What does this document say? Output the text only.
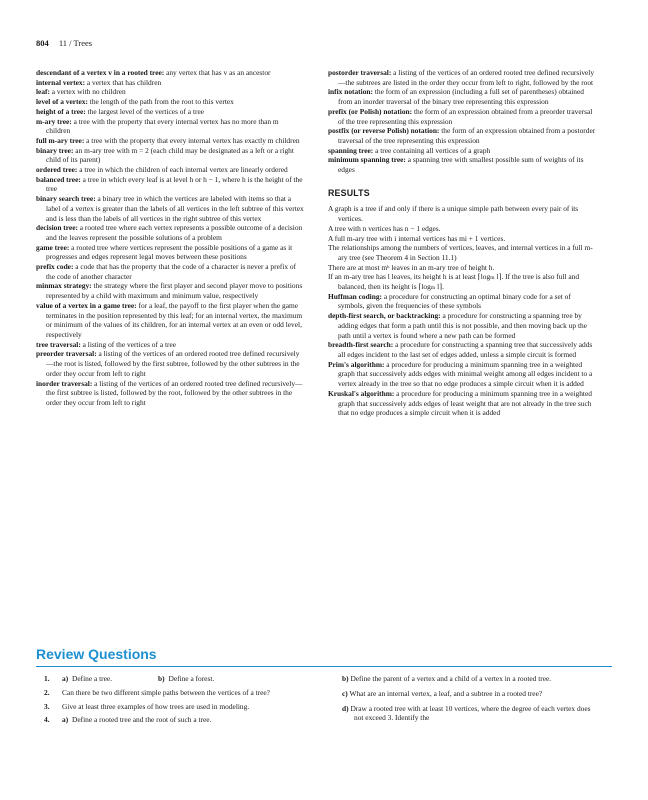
804 11 / Trees

descendant of a vertex v in a rooted tree: any vertex that has v as an ancestor

internal vertex: a vertex that has children

leaf: a vertex with no children

level of a vertex: the length of the path from the root to this vertex

height of a tree: the largest level of the vertices of a tree

m-ary tree: a tree with the property that every internal vertex has no more than m children

full m-ary tree: a tree with the property that every internal vertex has exactly m children

binary tree: an m-ary tree with m = 2 (each child may be designated as a left or a right child of its parent)

ordered tree: a tree in which the children of each internal vertex are linearly ordered

balanced tree: a tree in which every leaf is at level h or h − 1, where h is the height of the tree

binary search tree: a binary tree in which the vertices are labeled with items so that a label of a vertex is greater than the labels of all vertices in the left subtree of this vertex and is less than the labels of all vertices in the right subtree of this vertex

decision tree: a rooted tree where each vertex represents a possible outcome of a decision and the leaves represent the possible solutions of a problem

game tree: a rooted tree where vertices represent the possible positions of a game as it progresses and edges represent legal moves between these positions

prefix code: a code that has the property that the code of a character is never a prefix of the code of another character

minmax strategy: the strategy where the first player and second player move to positions represented by a child with maximum and minimum value, respectively

value of a vertex in a game tree: for a leaf, the payoff to the first player when the game terminates in the position represented by this leaf; for an internal vertex, the maximum or minimum of the values of its children, for an internal vertex at an even or odd level, respectively

tree traversal: a listing of the vertices of a tree

preorder traversal: a listing of the vertices of an ordered rooted tree defined recursively—the root is listed, followed by the first subtree, followed by the other subtrees in the order they occur from left to right

inorder traversal: a listing of the vertices of an ordered rooted tree defined recursively—the first subtree is listed, followed by the root, followed by the other subtrees in the order they occur from left to right

postorder traversal: a listing of the vertices of an ordered rooted tree defined recursively—the subtrees are listed in the order they occur from left to right, followed by the root

infix notation: the form of an expression (including a full set of parentheses) obtained from an inorder traversal of the binary tree representing this expression

prefix (or Polish) notation: the form of an expression obtained from a preorder traversal of the tree representing this expression

postfix (or reverse Polish) notation: the form of an expression obtained from a postorder traversal of the tree representing this expression

spanning tree: a tree containing all vertices of a graph

minimum spanning tree: a spanning tree with smallest possible sum of weights of its edges

RESULTS

A graph is a tree if and only if there is a unique simple path between every pair of its vertices.

A tree with n vertices has n − 1 edges.

A full m-ary tree with i internal vertices has mi + 1 vertices.

The relationships among the numbers of vertices, leaves, and internal vertices in a full m-ary tree (see Theorem 4 in Section 11.1)

There are at most mʰ leaves in an m-ary tree of height h.

If an m-ary tree has l leaves, its height h is at least ⌈logₘ l⌉. If the tree is also full and balanced, then its height is ⌈logₘ l⌉.

Huffman coding: a procedure for constructing an optimal binary code for a set of symbols, given the frequencies of these symbols

depth-first search, or backtracking: a procedure for constructing a spanning tree by adding edges that form a path until this is not possible, and then moving back up the path until a vertex is found where a new path can be formed

breadth-first search: a procedure for constructing a spanning tree that successively adds all edges incident to the last set of edges added, unless a simple circuit is formed

Prim's algorithm: a procedure for producing a minimum spanning tree in a weighted graph that successively adds edges with minimal weight among all edges incident to a vertex already in the tree so that no edge produces a simple circuit when it is added

Kruskal's algorithm: a procedure for producing a minimum spanning tree in a weighted graph that successively adds edges of least weight that are not already in the tree such that no edge produces a simple circuit when it is added

Review Questions
1. a) Define a tree.	b) Define a forest.
2. Can there be two different simple paths between the vertices of a tree?
3. Give at least three examples of how trees are used in modeling.
4. a) Define a rooted tree and the root of such a tree.
b) Define the parent of a vertex and a child of a vertex in a rooted tree.
c) What are an internal vertex, a leaf, and a subtree in a rooted tree?
d) Draw a rooted tree with at least 10 vertices, where the degree of each vertex does not exceed 3. Identify the
